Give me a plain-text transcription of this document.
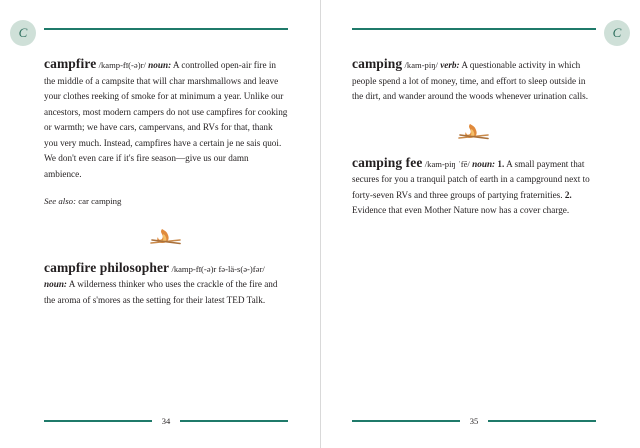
C
campfire /kamp-fī(-ə)r/ noun: A controlled open-air fire in the middle of a campsite that will char marshmallows and leave your clothes reeking of smoke for at minimum a year. Unlike our ancestors, most modern campers do not use campfires for cooking or warmth; we have cars, campervans, and RVs for that, thank you very much. Instead, campfires have a certain je ne sais quoi. We don't even care if it's fire season—give us our damn ambience.
See also: car camping
campfire philosopher /kamp-fī(-ə)r fə-lä-s(ə-)fər/ noun: A wilderness thinker who uses the crackle of the fire and the aroma of s'mores as the setting for their latest TED Talk.
34
C
camping /kam-piŋ/ verb: A questionable activity in which people spend a lot of money, time, and effort to sleep outside in the dirt, and wander around the woods whenever urination calls.
camping fee /kam-piŋ ˈfē/ noun: 1. A small payment that secures for you a tranquil patch of earth in a campground next to forty-seven RVs and three groups of partying fraternities. 2. Evidence that even Mother Nature now has a cover charge.
35
